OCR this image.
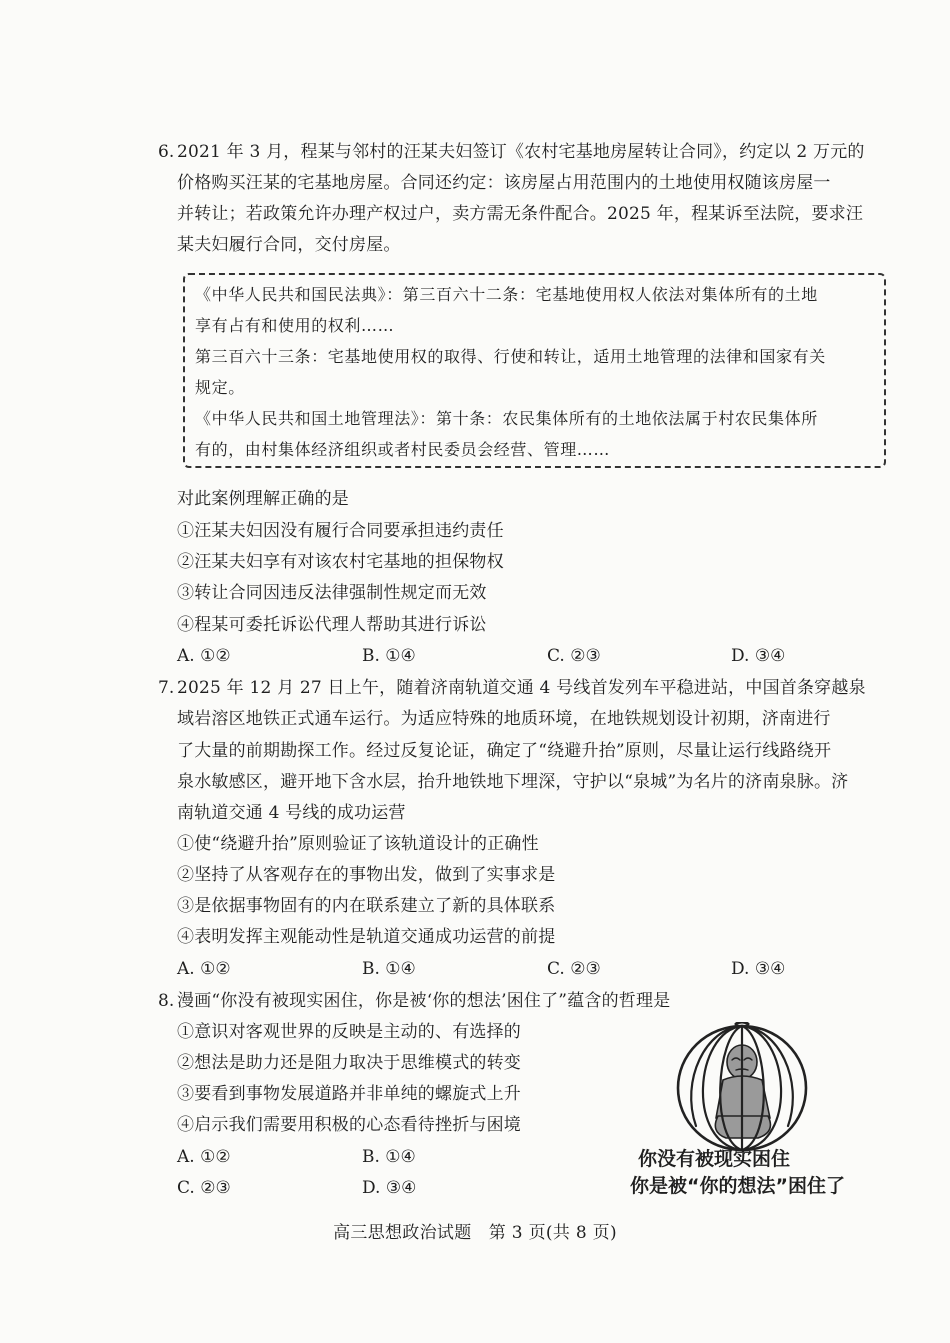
6. 2021 年 3 月，程某与邻村的汪某夫妇签订《农村宅基地房屋转让合同》，约定以 2 万元的
价格购买汪某的宅基地房屋。合同还约定：该房屋占用范围内的土地使用权随该房屋一
并转让；若政策允许办理产权过户，卖方需无条件配合。2025 年，程某诉至法院，要求汪
某夫妇履行合同，交付房屋。
《中华人民共和国民法典》：第三百六十二条：宅基地使用权人依法对集体所有的土地
享有占有和使用的权利……
第三百六十三条：宅基地使用权的取得、行使和转让，适用土地管理的法律和国家有关
规定。
《中华人民共和国土地管理法》：第十条：农民集体所有的土地依法属于村农民集体所
有的，由村集体经济组织或者村民委员会经营、管理……
对此案例理解正确的是
①汪某夫妇因没有履行合同要承担违约责任
②汪某夫妇享有对该农村宅基地的担保物权
③转让合同因违反法律强制性规定而无效
④程某可委托诉讼代理人帮助其进行诉讼
A. ①②	B. ①④	C. ②③	D. ③④
7. 2025 年 12 月 27 日上午，随着济南轨道交通 4 号线首发列车平稳进站，中国首条穿越泉
域岩溶区地铁正式通车运行。为适应特殊的地质环境，在地铁规划设计初期，济南进行
了大量的前期勘探工作。经过反复论证，确定了“绕避升抬”原则，尽量让运行线路绕开
泉水敏感区，避开地下含水层，抬升地铁地下埋深，守护以“泉城”为名片的济南泉脉。济
南轨道交通 4 号线的成功运营
①使“绕避升抬”原则验证了该轨道设计的正确性
②坚持了从客观存在的事物出发，做到了实事求是
③是依据事物固有的内在联系建立了新的具体联系
④表明发挥主观能动性是轨道交通成功运营的前提
A. ①②	B. ①④	C. ②③	D. ③④
8. 漫画“你没有被现实困住，你是被‘你的想法’困住了”蕴含的哲理是
①意识对客观世界的反映是主动的、有选择的
②想法是助力还是阻力取决于思维模式的转变
③要看到事物发展道路并非单纯的螺旋式上升
④启示我们需要用积极的心态看待挫折与困境
A. ①②	B. ①④
C. ②③	D. ③④
你没有被现实困住
你是被“你的想法”困住了
高三思想政治试题　第 3 页(共 8 页)
